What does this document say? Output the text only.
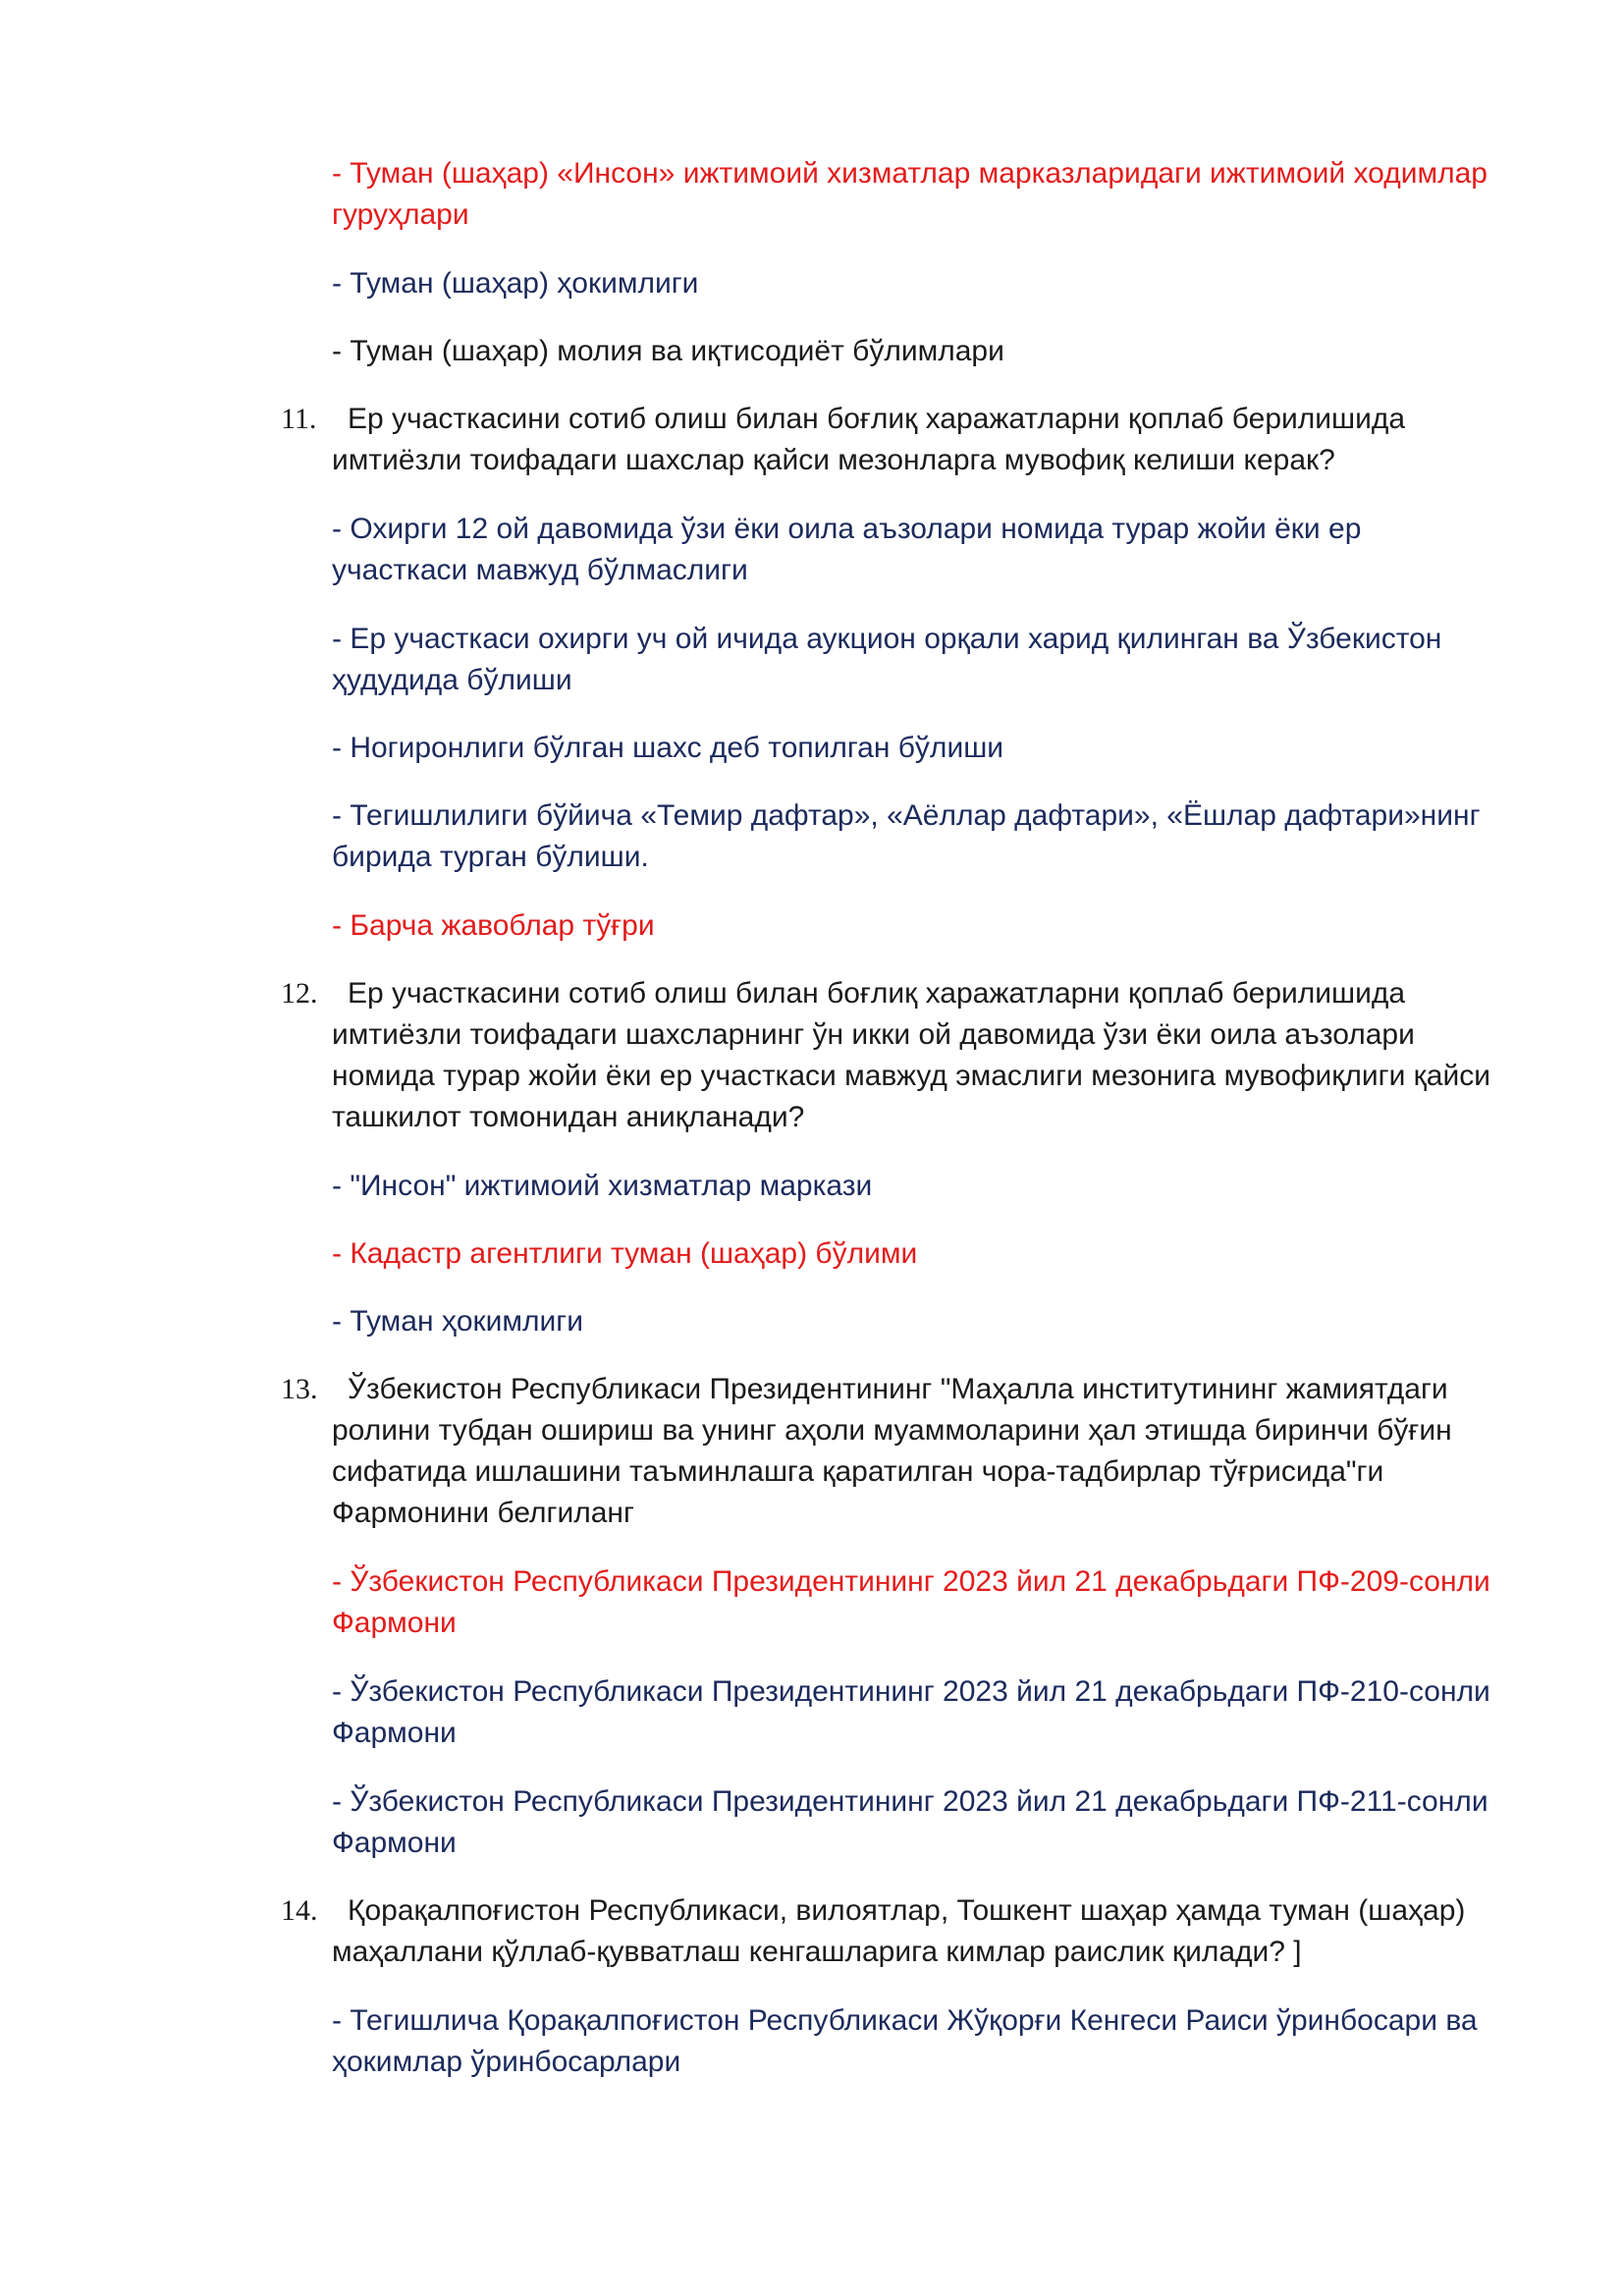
- Туман (шаҳар) «Инсон» ижтимоий хизматлар марказларидаги ижтимоий ходимлар гуруҳлари

- Туман (шаҳар) ҳокимлиги

- Туман (шаҳар) молия ва иқтисодиёт бўлимлари

11.	Ер участкасини сотиб олиш билан боғлиқ харажатларни қоплаб берилишида имтиёзли тоифадаги шахслар қайси мезонларга мувофиқ келиши керак?

- Охирги 12 ой давомида ўзи ёки оила аъзолари номида турар жойи ёки ер участкаси мавжуд бўлмаслиги

- Ер участкаси охирги уч ой ичида аукцион орқали харид қилинган ва Ўзбекистон ҳудудида бўлиши

- Ногиронлиги бўлган шахс деб топилган бўлиши

- Тегишлилиги бўйича «Темир дафтар», «Аёллар дафтари», «Ёшлар дафтари»нинг бирида турган бўлиши.

- Барча жавоблар тўғри

12.	Ер участкасини сотиб олиш билан боғлиқ харажатларни қоплаб берилишида имтиёзли тоифадаги шахсларнинг ўн икки ой давомида ўзи ёки оила аъзолари номида турар жойи ёки ер участкаси мавжуд эмаслиги мезонига мувофиқлиги қайси ташкилот томонидан аниқланади?

- "Инсон" ижтимоий хизматлар маркази

- Кадастр агентлиги туман (шаҳар) бўлими

- Туман ҳокимлиги

13.	Ўзбекистон Республикаси Президентининг "Маҳалла институтининг жамиятдаги ролини тубдан ошириш ва унинг аҳоли муаммоларини ҳал этишда биринчи бўғин сифатида ишлашини таъминлашга қаратилган чора-тадбирлар тўғрисида"ги Фармонини белгиланг

- Ўзбекистон Республикаси Президентининг 2023 йил 21 декабрьдаги ПФ-209-сонли Фармони

- Ўзбекистон Республикаси Президентининг 2023 йил 21 декабрьдаги ПФ-210-сонли Фармони

- Ўзбекистон Республикаси Президентининг 2023 йил 21 декабрьдаги ПФ-211-сонли Фармони

14.	Қорақалпоғистон Республикаси, вилоятлар, Тошкент шаҳар ҳамда туман (шаҳар) маҳаллани қўллаб-қувватлаш кенгашларига кимлар раислик қилади? ]

- Тегишлича Қорақалпоғистон Республикаси Жўқорғи Кенгеси Раиси ўринбосари ва ҳокимлар ўринбосарлари
